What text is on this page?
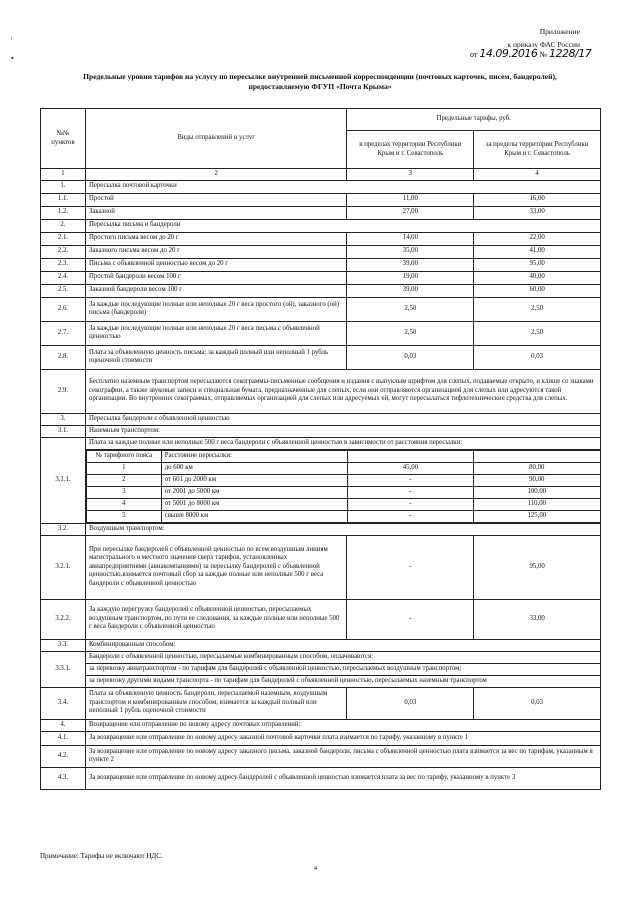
Приложение
к приказу ФАС России
от 14.09.2016 № 1228/17
'
•
Предельные уровни тарифов на услугу по пересылке внутренней письменной корреспонденции (почтовых карточек, писем, бандеролей),
предоставляемую ФГУП «Почта Крыма»
№№ пунктов	Виды отправлений и услуг	Предельные тарифы, руб.
в пределах территории Республики Крым и г. Севастополь	за пределы территории Республики Крым и г. Севастополь
1	2	3	4
1.	Пересылка почтовой карточки
1.1.	Простой	11,00	16,00
1.2.	Заказной	27,00	33,00
2.	Пересылка письма и бандероли
2.1.	Простого письма весом до 20 г	14,00	22,00
2.2.	Заказного письма весом до 20 г	35,00	41,00
2.3.	Письма с объявленной ценностью весом до 20 г	39,00	95,00
2.4.	Простой бандероли весом 100 г	19,00	40,00
2.5.	Заказной бандероли весом 100 г	39,00	60,00
2.6.	За каждые последующие полные или неполные 20 г веса простого (ой), заказного (ой) письма (бандероли)	2,50	2,50
2.7.	За каждые последующие полные или неполные 20 г веса письма с объявленной ценностью	2,50	2,50
2.8.	Плата за объявленную ценность письма: за каждый полный или неполный 1 рубль оценочной стоимости	0,03	0,03
2.9.	Бесплатно наземным транспортом пересылаются секограммы-письменные сообщения и издания с выпуклым шрифтом для слепых, подаваемые открыто, и клише со знаками секографии, а также звуковые записи и специальная бумага, предназначенные для слепых, если они отправляются организацией для слепых или адресуются такой организации. Во внутренних секограммах, отправляемых организацией для слепых или адресуемых ей, могут пересылаться тифлотехнические средства для слепых.
3.	Пересылка бандероли с объявленной ценностью
3.1.	Наземным транспортом:
3.1.1.	Плата за каждые полные или неполные 500 г веса бандероли с объявленной ценностью в зависимости от расстояния пересылки:

№ тарифного пояса	Расстояние пересылки:		
1	до 600 км	45,00	80,00
2	от 601 до 2000 км	-	90,00
3	от 2001 до 5000 км	-	100,00
4	от 5001 до 8000 км	-	110,00
5	свыше 8000 км	-	125,00

3.2.	Воздушным транспортом:
3.2.1.	При пересылке бандеролей с объявленной ценностью по всем воздушным линиям магистрального и местного значения сверх тарифов, установленных авиапредприятиями (авиакомпаниями) за пересылку бандеролей с объявленной ценностью,взимается почтовый сбор за каждые полные или неполные 500 г веса бандероли с объявленной ценностью	-	95,00
3.2.2.	За каждую перегрузку бандеролей с объявленной ценностью, пересылаемых воздушным транспортом, по пути ее следования, за каждые полные или неполные 500 г веса бандероли с объявленной ценностью	-	33,00
3.3.	Комбинированным способом:
3.3.1.	Бандероли с объявленной ценностью, пересылаемые комбинированным способом, оплачиваются:
за перевозку авиатранспортом - по тарифам для бандеролей с объявленной ценностью, пересылаемых воздушным транспортом;
за перевозку другими видами транспорта - по тарифам для бандеролей с объявленной ценностью, пересылаемых наземным транспортом
3.4.	Плата за объявленную ценность бандероли, пересылаемой наземным, воздушным транспортом и комбинированным способом, взимается за каждый полный или неполный 1 рубль оценочной стоимости	0,03	0,03
4.	Возвращение или отправление по новому адресу почтовых отправлений:
4.1.	За возвращение или отправление по новому адресу заказной почтовой карточки плата взимается по тарифу, указанному в пункте 1
4.2.	За возвращение или отправление по новому адресу заказного письма, заказной бандероли, письма с объявленной ценностью плата взимается за вес по тарифам, указанным в пункте 2
4.3.	За возвращение или отправление по новому адресу бандеролей с объявленной ценностью взимается плата за вес по тарифу, указанному в пункте 3
Примечание: Тарифы не включают НДС.
4
